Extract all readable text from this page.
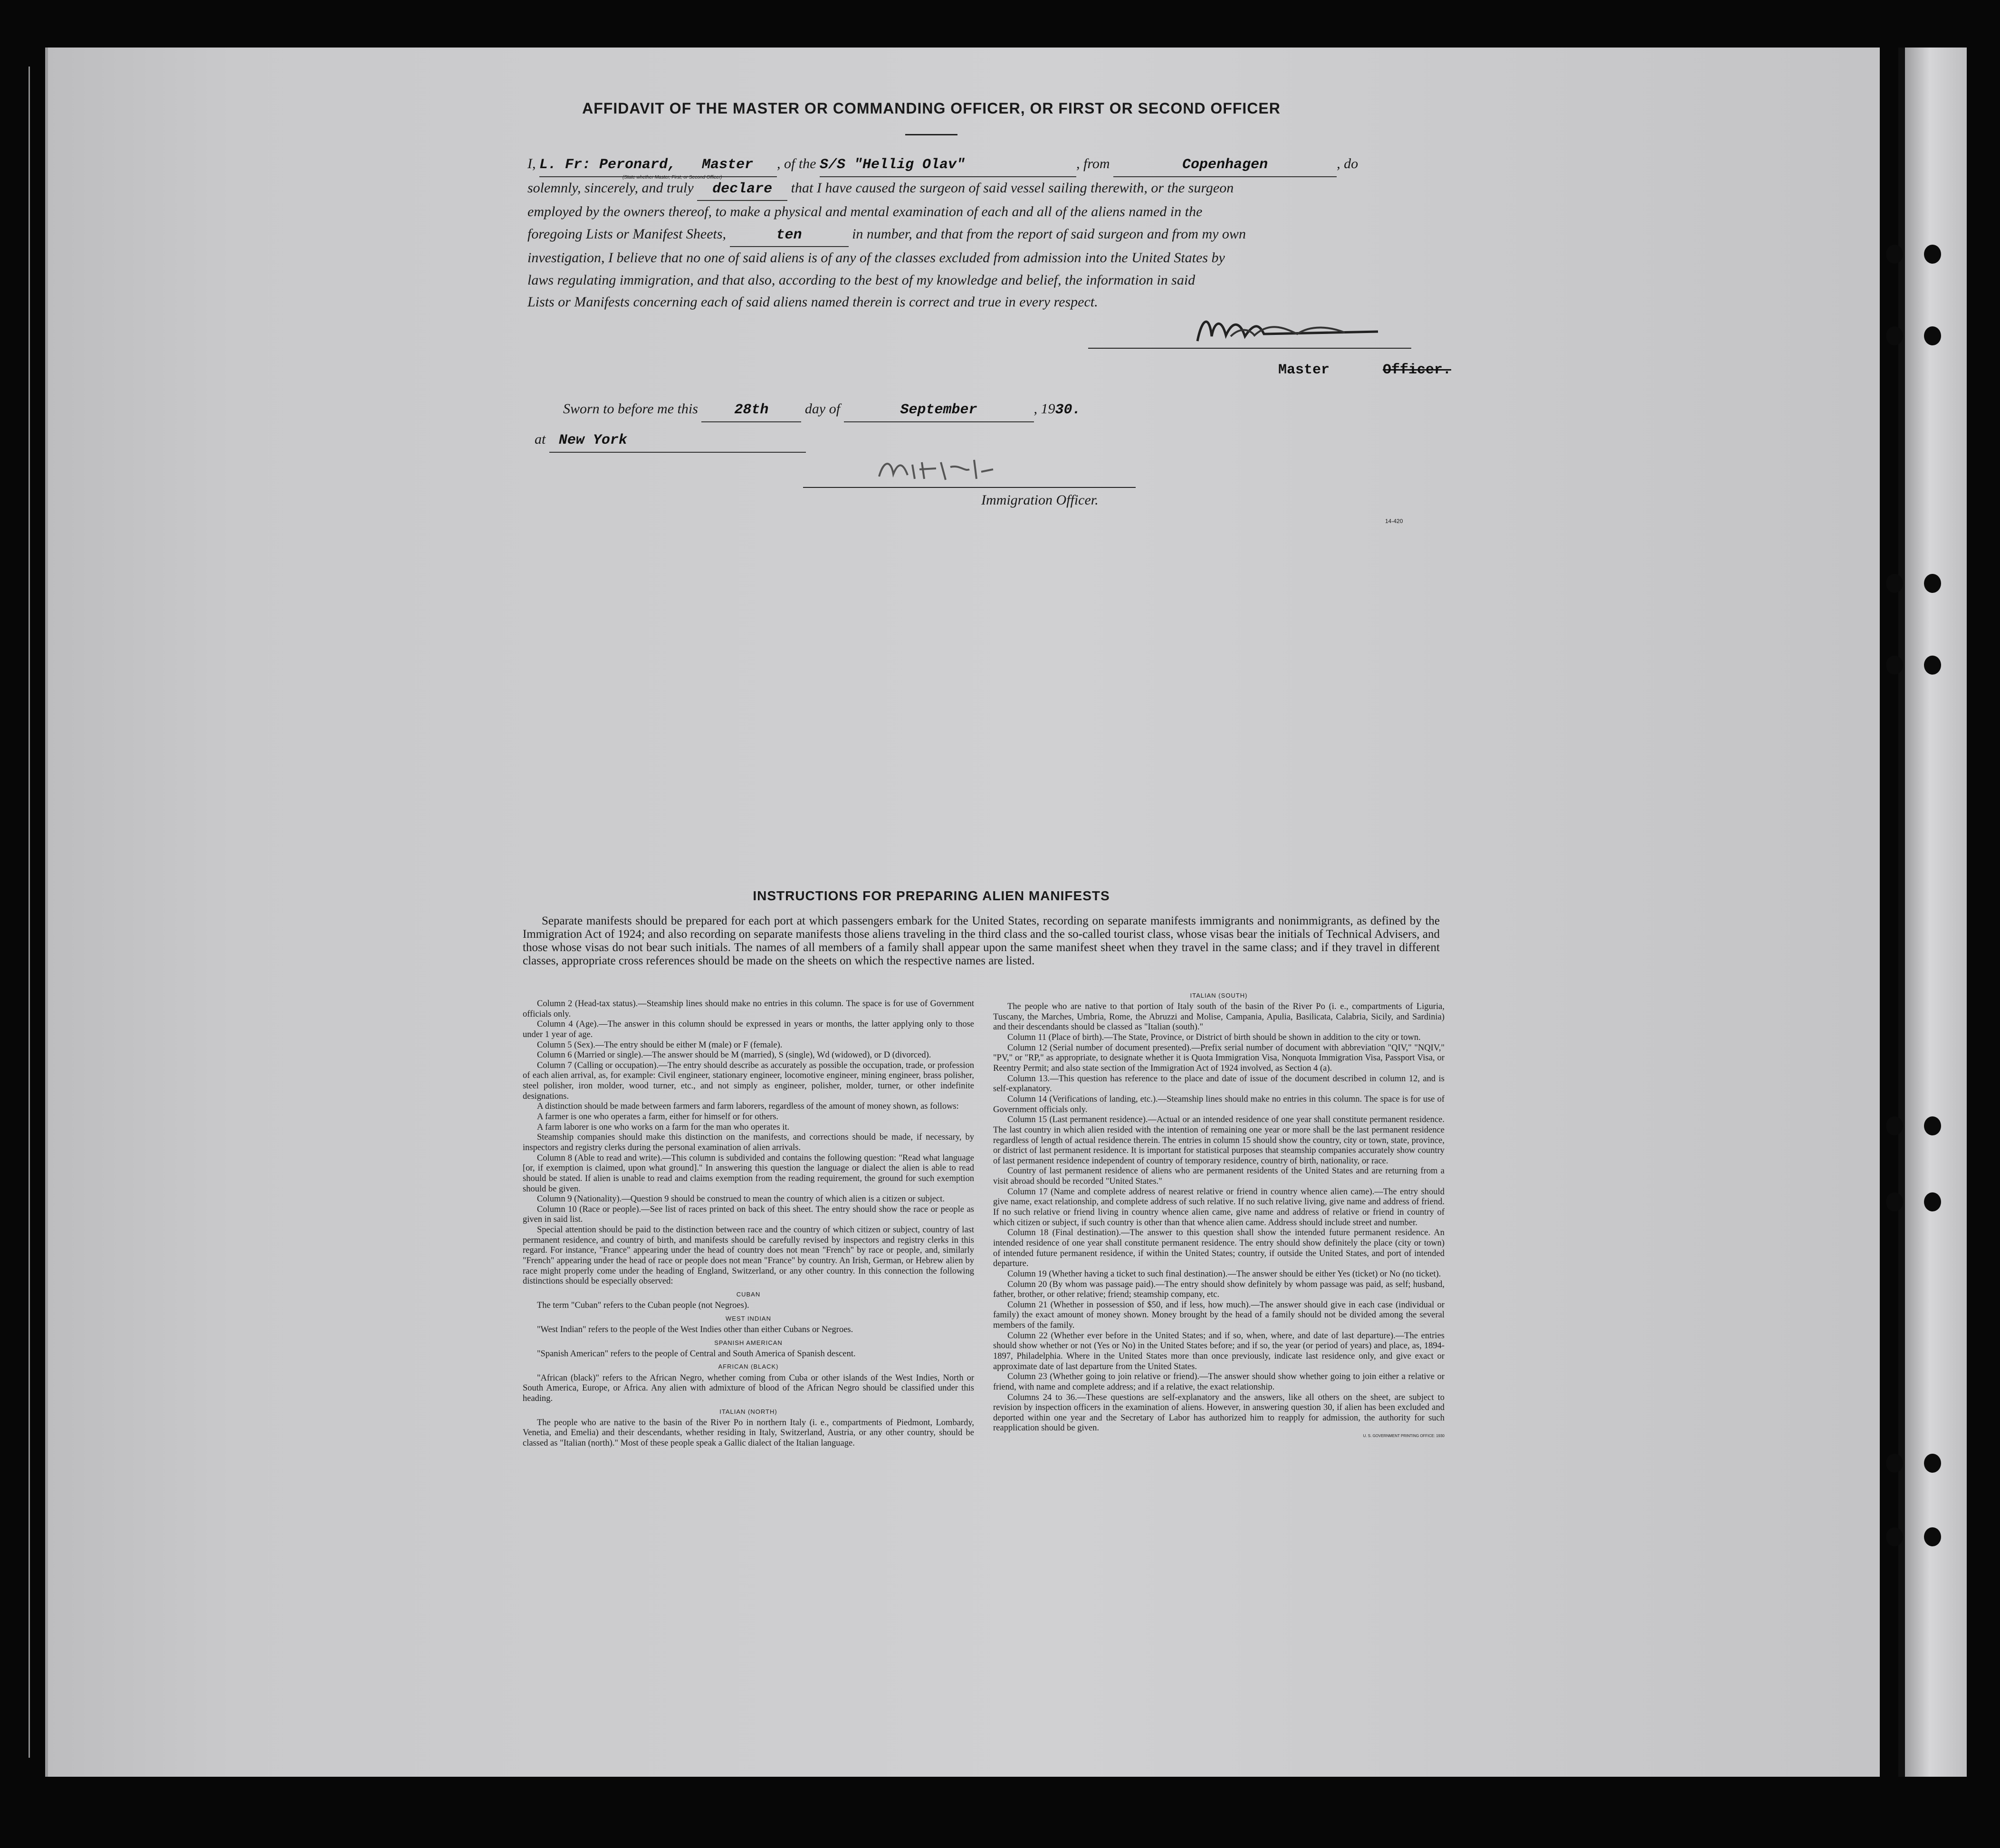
AFFIDAVIT OF THE MASTER OR COMMANDING OFFICER, OR FIRST OR SECOND OFFICER
I, L. Fr: Peronard, Master , of the S/S "Hellig Olav"	, from	Copenhagen	, do
(State whether Master, First, or Second Officer)
solemnly, sincerely, and truly declare that I have caused the surgeon of said vessel sailing therewith, or the surgeon
employed by the owners thereof, to make a physical and mental examination of each and all of the aliens named in the
foregoing Lists or Manifest Sheets,	ten	in number, and that from the report of said surgeon and from my own
investigation, I believe that no one of said aliens is of any of the classes excluded from admission into the United States by
laws regulating immigration, and that also, according to the best of my knowledge and belief, the information in said
Lists or Manifests concerning each of said aliens named therein is correct and true in every respect.
Master	Officer.
Sworn to before me this	28th	day of	September	, 1930.
at New York
Immigration Officer.
14-420
INSTRUCTIONS FOR PREPARING ALIEN MANIFESTS
Separate manifests should be prepared for each port at which passengers embark for the United States, recording on separate manifests immigrants and nonimmigrants, as defined by the Immigration Act of 1924; and also recording on separate manifests those aliens traveling in the third class and the so-called tourist class, whose visas bear the initials of Technical Advisers, and those whose visas do not bear such initials. The names of all members of a family shall appear upon the same manifest sheet when they travel in the same class; and if they travel in different classes, appropriate cross references should be made on the sheets on which the respective names are listed.

Column 2 (Head-tax status).—Steamship lines should make no entries in this column. The space is for use of Government officials only.

Column 4 (Age).—The answer in this column should be expressed in years or months, the latter applying only to those under 1 year of age.

Column 5 (Sex).—The entry should be either M (male) or F (female).

Column 6 (Married or single).—The answer should be M (married), S (single), Wd (widowed), or D (divorced).

Column 7 (Calling or occupation).—The entry should describe as accurately as possible the occupation, trade, or profession of each alien arrival, as, for example: Civil engineer, stationary engineer, locomotive engineer, mining engineer, brass polisher, steel polisher, iron molder, wood turner, etc., and not simply as engineer, polisher, molder, turner, or other indefinite designations.

A distinction should be made between farmers and farm laborers, regardless of the amount of money shown, as follows:

A farmer is one who operates a farm, either for himself or for others.

A farm laborer is one who works on a farm for the man who operates it.

Steamship companies should make this distinction on the manifests, and corrections should be made, if necessary, by inspectors and registry clerks during the personal examination of alien arrivals.

Column 8 (Able to read and write).—This column is subdivided and contains the following question: "Read what language [or, if exemption is claimed, upon what ground]." In answering this question the language or dialect the alien is able to read should be stated. If alien is unable to read and claims exemption from the reading requirement, the ground for such exemption should be given.

Column 9 (Nationality).—Question 9 should be construed to mean the country of which alien is a citizen or subject.

Column 10 (Race or people).—See list of races printed on back of this sheet. The entry should show the race or people as given in said list.

Special attention should be paid to the distinction between race and the country of which citizen or subject, country of last permanent residence, and country of birth, and manifests should be carefully revised by inspectors and registry clerks in this regard. For instance, "France" appearing under the head of country does not mean "French" by race or people, and, similarly "French" appearing under the head of race or people does not mean "France" by country. An Irish, German, or Hebrew alien by race might properly come under the heading of England, Switzerland, or any other country. In this connection the following distinctions should be especially observed:

CUBAN

The term "Cuban" refers to the Cuban people (not Negroes).

WEST INDIAN

"West Indian" refers to the people of the West Indies other than either Cubans or Negroes.

SPANISH AMERICAN

"Spanish American" refers to the people of Central and South America of Spanish descent.

AFRICAN (BLACK)

"African (black)" refers to the African Negro, whether coming from Cuba or other islands of the West Indies, North or South America, Europe, or Africa. Any alien with admixture of blood of the African Negro should be classified under this heading.

ITALIAN (NORTH)

The people who are native to the basin of the River Po in northern Italy (i. e., compartments of Piedmont, Lombardy, Venetia, and Emelia) and their descendants, whether residing in Italy, Switzerland, Austria, or any other country, should be classed as "Italian (north)." Most of these people speak a Gallic dialect of the Italian language.

ITALIAN (SOUTH)

The people who are native to that portion of Italy south of the basin of the River Po (i. e., compartments of Liguria, Tuscany, the Marches, Umbria, Rome, the Abruzzi and Molise, Campania, Apulia, Basilicata, Calabria, Sicily, and Sardinia) and their descendants should be classed as "Italian (south)."

Column 11 (Place of birth).—The State, Province, or District of birth should be shown in addition to the city or town.

Column 12 (Serial number of document presented).—Prefix serial number of document with abbreviation "QIV," "NQIV," "PV," or "RP," as appropriate, to designate whether it is Quota Immigration Visa, Nonquota Immigration Visa, Passport Visa, or Reentry Permit; and also state section of the Immigration Act of 1924 involved, as Section 4 (a).

Column 13.—This question has reference to the place and date of issue of the document described in column 12, and is self-explanatory.

Column 14 (Verifications of landing, etc.).—Steamship lines should make no entries in this column. The space is for use of Government officials only.

Column 15 (Last permanent residence).—Actual or an intended residence of one year shall constitute permanent residence. The last country in which alien resided with the intention of remaining one year or more shall be the last permanent residence regardless of length of actual residence therein. The entries in column 15 should show the country, city or town, state, province, or district of last permanent residence. It is important for statistical purposes that steamship companies accurately show country of last permanent residence independent of country of temporary residence, country of birth, nationality, or race.

Country of last permanent residence of aliens who are permanent residents of the United States and are returning from a visit abroad should be recorded "United States."

Column 17 (Name and complete address of nearest relative or friend in country whence alien came).—The entry should give name, exact relationship, and complete address of such relative. If no such relative living, give name and address of friend. If no such relative or friend living in country whence alien came, give name and address of relative or friend in country of which citizen or subject, if such country is other than that whence alien came. Address should include street and number.

Column 18 (Final destination).—The answer to this question shall show the intended future permanent residence. An intended residence of one year shall constitute permanent residence. The entry should show definitely the place (city or town) of intended future permanent residence, if within the United States; country, if outside the United States, and port of intended departure.

Column 19 (Whether having a ticket to such final destination).—The answer should be either Yes (ticket) or No (no ticket).

Column 20 (By whom was passage paid).—The entry should show definitely by whom passage was paid, as self; husband, father, brother, or other relative; friend; steamship company, etc.

Column 21 (Whether in possession of $50, and if less, how much).—The answer should give in each case (individual or family) the exact amount of money shown. Money brought by the head of a family should not be divided among the several members of the family.

Column 22 (Whether ever before in the United States; and if so, when, where, and date of last departure).—The entries should show whether or not (Yes or No) in the United States before; and if so, the year (or period of years) and place, as, 1894-1897, Philadelphia. Where in the United States more than once previously, indicate last residence only, and give exact or approximate date of last departure from the United States.

Column 23 (Whether going to join relative or friend).—The answer should show whether going to join either a relative or friend, with name and complete address; and if a relative, the exact relationship.

Columns 24 to 36.—These questions are self-explanatory and the answers, like all others on the sheet, are subject to revision by inspection officers in the examination of aliens. However, in answering question 30, if alien has been excluded and deported within one year and the Secretary of Labor has authorized him to reapply for admission, the authority for such reapplication should be given.

U. S. GOVERNMENT PRINTING OFFICE: 1930
